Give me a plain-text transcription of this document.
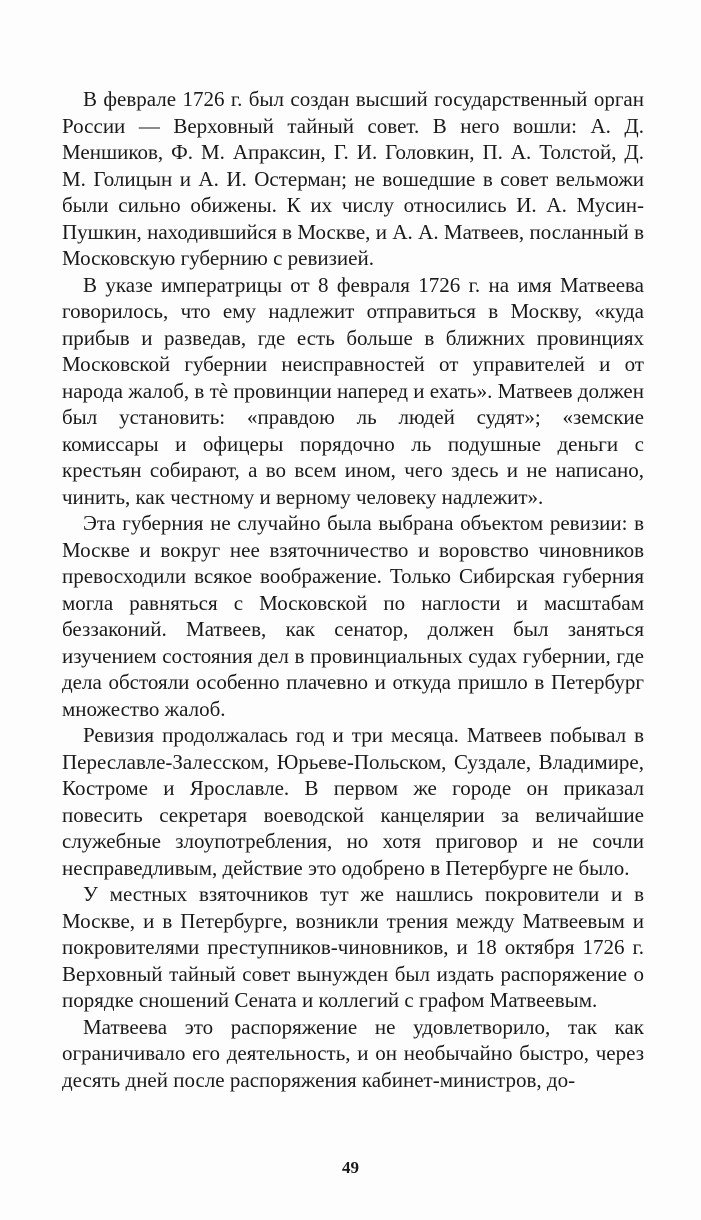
В феврале 1726 г. был создан высший государственный орган России — Верховный тайный совет. В него вошли: А. Д. Меншиков, Ф. М. Апраксин, Г. И. Головкин, П. А. Толстой, Д. М. Голицын и А. И. Остерман; не вошедшие в совет вельможи были сильно обижены. К их числу относились И. А. Мусин-Пушкин, находившийся в Москве, и А. А. Матвеев, посланный в Московскую губернию с ревизией.

В указе императрицы от 8 февраля 1726 г. на имя Матвеева говорилось, что ему надлежит отправиться в Москву, «куда прибыв и разведав, где есть больше в ближних провинциях Московской губернии неисправностей от управителей и от народа жалоб, в тѐ провинции наперед и ехать». Матвеев должен был установить: «правдою ль людей судят»; «земские комиссары и офицеры порядочно ль подушные деньги с крестьян собирают, а во всем ином, чего здесь и не написано, чинить, как честному и верному человеку надлежит».

Эта губерния не случайно была выбрана объектом ревизии: в Москве и вокруг нее взяточничество и воровство чиновников превосходили всякое воображение. Только Сибирская губерния могла равняться с Московской по наглости и масштабам беззаконий. Матвеев, как сенатор, должен был заняться изучением состояния дел в провинциальных судах губернии, где дела обстояли особенно плачевно и откуда пришло в Петербург множество жалоб.

Ревизия продолжалась год и три месяца. Матвеев побывал в Переславле-Залесском, Юрьеве-Польском, Суздале, Владимире, Костроме и Ярославле. В первом же городе он приказал повесить секретаря воеводской канцелярии за величайшие служебные злоупотребления, но хотя приговор и не сочли несправедливым, действие это одобрено в Петербурге не было.

У местных взяточников тут же нашлись покровители и в Москве, и в Петербурге, возникли трения между Матвеевым и покровителями преступников-чиновников, и 18 октября 1726 г. Верховный тайный совет вынужден был издать распоряжение о порядке сношений Сената и коллегий с графом Матвеевым.

Матвеева это распоряжение не удовлетворило, так как ограничивало его деятельность, и он необычайно быстро, через десять дней после распоряжения кабинет-министров, до-

49
